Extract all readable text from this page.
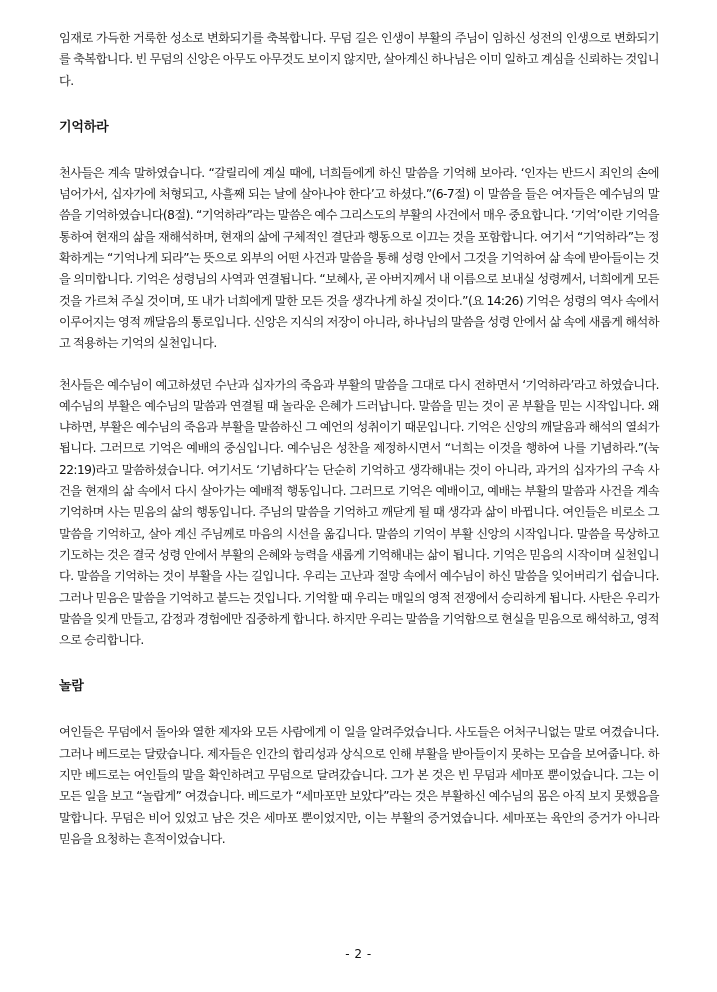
임재로 가득한 거룩한 성소로 변화되기를 축복합니다. 무덤 길은 인생이 부활의 주님이 임하신 성전의 인생으로 변화되기를 축복합니다. 빈 무덤의 신앙은 아무도 아무것도 보이지 않지만, 살아계신 하나님은 이미 일하고 계심을 신뢰하는 것입니다.

기억하라

천사들은 계속 말하였습니다. “갈릴리에 계실 때에, 너희들에게 하신 말씀을 기억해 보아라. ‘인자는 반드시 죄인의 손에 넘어가서, 십자가에 처형되고, 사흘째 되는 날에 살아나야 한다’고 하셨다.”(6-7절) 이 말씀을 들은 여자들은 예수님의 말씀을 기억하였습니다(8절). “기억하라”라는 말씀은 예수 그리스도의 부활의 사건에서 매우 중요합니다. ‘기억’이란 기억을 통하여 현재의 삶을 재해석하며, 현재의 삶에 구체적인 결단과 행동으로 이끄는 것을 포함합니다. 여기서 “기억하라”는 정확하게는 “기억나게 되라”는 뜻으로 외부의 어떤 사건과 말씀을 통해 성령 안에서 그것을 기억하여 삶 속에 받아들이는 것을 의미합니다. 기억은 성령님의 사역과 연결됩니다. “보혜사, 곧 아버지께서 내 이름으로 보내실 성령께서, 너희에게 모든 것을 가르쳐 주실 것이며, 또 내가 너희에게 말한 모든 것을 생각나게 하실 것이다.”(요 14:26) 기억은 성령의 역사 속에서 이루어지는 영적 깨달음의 통로입니다. 신앙은 지식의 저장이 아니라, 하나님의 말씀을 성령 안에서 삶 속에 새롭게 해석하고 적용하는 기억의 실천입니다.

천사들은 예수님이 예고하셨던 수난과 십자가의 죽음과 부활의 말씀을 그대로 다시 전하면서 ‘기억하라’라고 하였습니다. 예수님의 부활은 예수님의 말씀과 연결될 때 놀라운 은혜가 드러납니다. 말씀을 믿는 것이 곧 부활을 믿는 시작입니다. 왜냐하면, 부활은 예수님의 죽음과 부활을 말씀하신 그 예언의 성취이기 때문입니다. 기억은 신앙의 깨달음과 해석의 열쇠가 됩니다. 그러므로 기억은 예배의 중심입니다. 예수님은 성찬을 제정하시면서 “너희는 이것을 행하여 나를 기념하라.”(눅 22:19)라고 말씀하셨습니다. 여기서도 ‘기념하다’는 단순히 기억하고 생각해내는 것이 아니라, 과거의 십자가의 구속 사건을 현재의 삶 속에서 다시 살아가는 예배적 행동입니다. 그러므로 기억은 예배이고, 예배는 부활의 말씀과 사건을 계속 기억하며 사는 믿음의 삶의 행동입니다. 주님의 말씀을 기억하고 깨닫게 될 때 생각과 삶이 바뀝니다. 여인들은 비로소 그 말씀을 기억하고, 살아 계신 주님께로 마음의 시선을 옮깁니다. 말씀의 기억이 부활 신앙의 시작입니다. 말씀을 묵상하고 기도하는 것은 결국 성령 안에서 부활의 은혜와 능력을 새롭게 기억해내는 삶이 됩니다. 기억은 믿음의 시작이며 실천입니다. 말씀을 기억하는 것이 부활을 사는 길입니다. 우리는 고난과 절망 속에서 예수님이 하신 말씀을 잊어버리기 쉽습니다. 그러나 믿음은 말씀을 기억하고 붙드는 것입니다. 기억할 때 우리는 매일의 영적 전쟁에서 승리하게 됩니다. 사탄은 우리가 말씀을 잊게 만들고, 감정과 경험에만 집중하게 합니다. 하지만 우리는 말씀을 기억함으로 현실을 믿음으로 해석하고, 영적으로 승리합니다.

놀람

여인들은 무덤에서 돌아와 열한 제자와 모든 사람에게 이 일을 알려주었습니다. 사도들은 어처구니없는 말로 여겼습니다. 그러나 베드로는 달랐습니다. 제자들은 인간의 합리성과 상식으로 인해 부활을 받아들이지 못하는 모습을 보여줍니다. 하지만 베드로는 여인들의 말을 확인하려고 무덤으로 달려갔습니다. 그가 본 것은 빈 무덤과 세마포 뿐이었습니다. 그는 이 모든 일을 보고 “놀랍게” 여겼습니다. 베드로가 “세마포만 보았다”라는 것은 부활하신 예수님의 몸은 아직 보지 못했음을 말합니다. 무덤은 비어 있었고 남은 것은 세마포 뿐이었지만, 이는 부활의 증거였습니다. 세마포는 육안의 증거가 아니라 믿음을 요청하는 흔적이었습니다.

- 2 -
